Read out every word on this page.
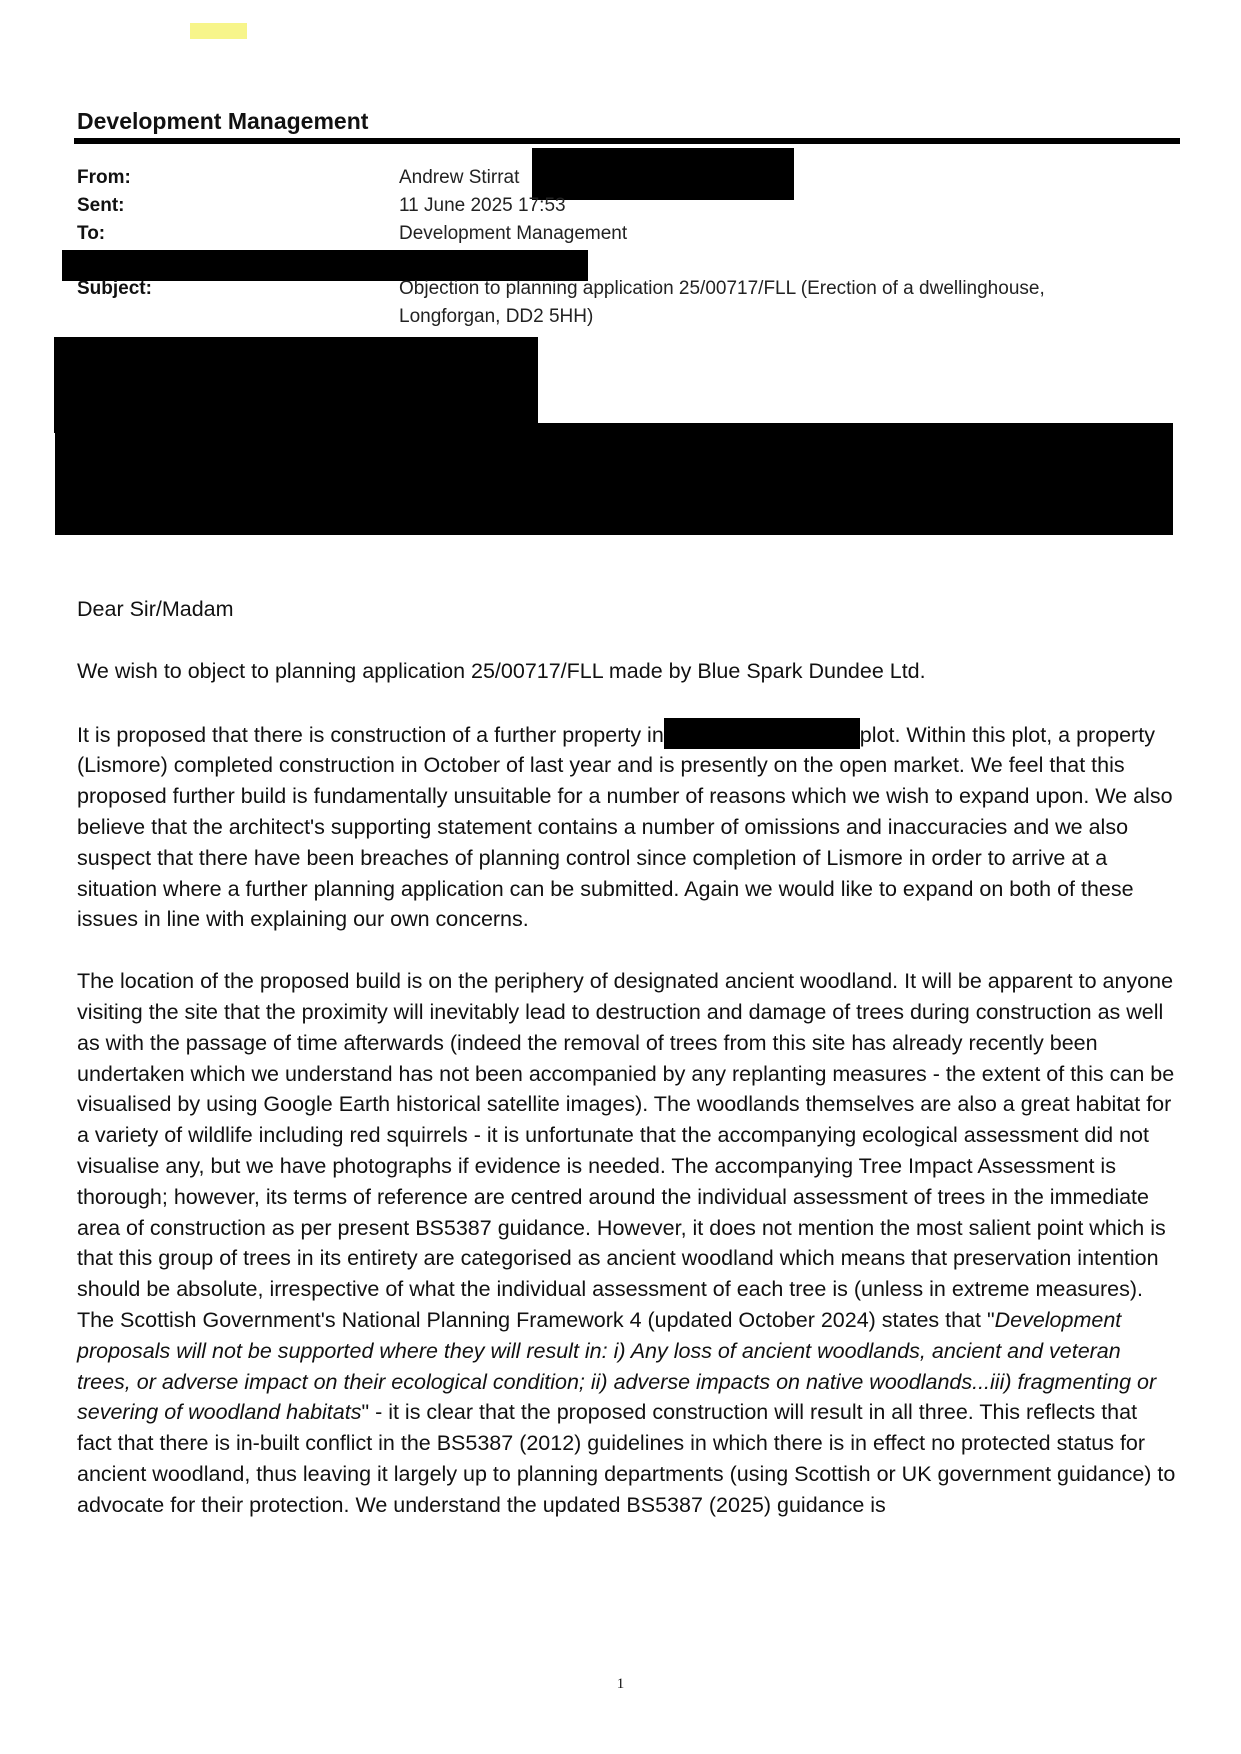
Development Management
From:	Andrew Stirrat
Sent:	11 June 2025 17:53
To:	Development Management
Subject:	Objection to planning application 25/00717/FLL (Erection of a dwellinghouse,
Longforgan, DD2 5HH)

Dear Sir/Madam

We wish to object to planning application 25/00717/FLL made by Blue Spark Dundee Ltd.

It is proposed that there is construction of a further property in	plot. Within this plot, a property (Lismore) completed construction in October of last year and is presently on the open market. We feel that this proposed further build is fundamentally unsuitable for a number of reasons which we wish to expand upon. We also believe that the architect's supporting statement contains a number of omissions and inaccuracies and we also suspect that there have been breaches of planning control since completion of Lismore in order to arrive at a situation where a further planning application can be submitted. Again we would like to expand on both of these issues in line with explaining our own concerns.

The location of the proposed build is on the periphery of designated ancient woodland. It will be apparent to anyone visiting the site that the proximity will inevitably lead to destruction and damage of trees during construction as well as with the passage of time afterwards (indeed the removal of trees from this site has already recently been undertaken which we understand has not been accompanied by any replanting measures - the extent of this can be visualised by using Google Earth historical satellite images). The woodlands themselves are also a great habitat for a variety of wildlife including red squirrels - it is unfortunate that the accompanying ecological assessment did not visualise any, but we have photographs if evidence is needed. The accompanying Tree Impact Assessment is thorough; however, its terms of reference are centred around the individual assessment of trees in the immediate area of construction as per present BS5387 guidance. However, it does not mention the most salient point which is that this group of trees in its entirety are categorised as ancient woodland which means that preservation intention should be absolute, irrespective of what the individual assessment of each tree is (unless in extreme measures). The Scottish Government's National Planning Framework 4 (updated October 2024) states that "Development proposals will not be supported where they will result in: i) Any loss of ancient woodlands, ancient and veteran trees, or adverse impact on their ecological condition; ii) adverse impacts on native woodlands...iii) fragmenting or severing of woodland habitats" - it is clear that the proposed construction will result in all three. This reflects that fact that there is in-built conflict in the BS5387 (2012) guidelines in which there is in effect no protected status for ancient woodland, thus leaving it largely up to planning departments (using Scottish or UK government guidance) to advocate for their protection. We understand the updated BS5387 (2025) guidance is

1
